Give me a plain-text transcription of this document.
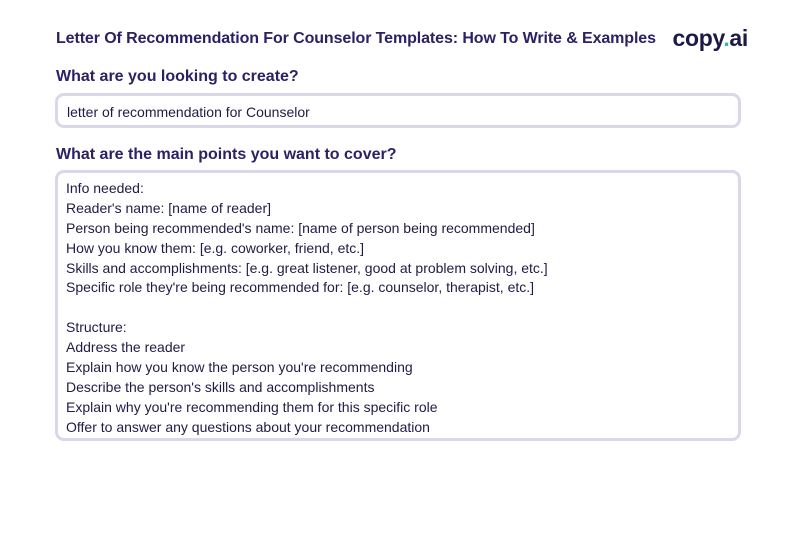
Letter Of Recommendation For Counselor Templates: How To Write & Examples copy.ai
What are you looking to create?
letter of recommendation for Counselor
What are the main points you want to cover?
Info needed:
Reader's name: [name of reader]
Person being recommended's name: [name of person being recommended]
How you know them: [e.g. coworker, friend, etc.]
Skills and accomplishments: [e.g. great listener, good at problem solving, etc.]
Specific role they're being recommended for: [e.g. counselor, therapist, etc.]
Structure:
Address the reader
Explain how you know the person you're recommending
Describe the person's skills and accomplishments
Explain why you're recommending them for this specific role
Offer to answer any questions about your recommendation
